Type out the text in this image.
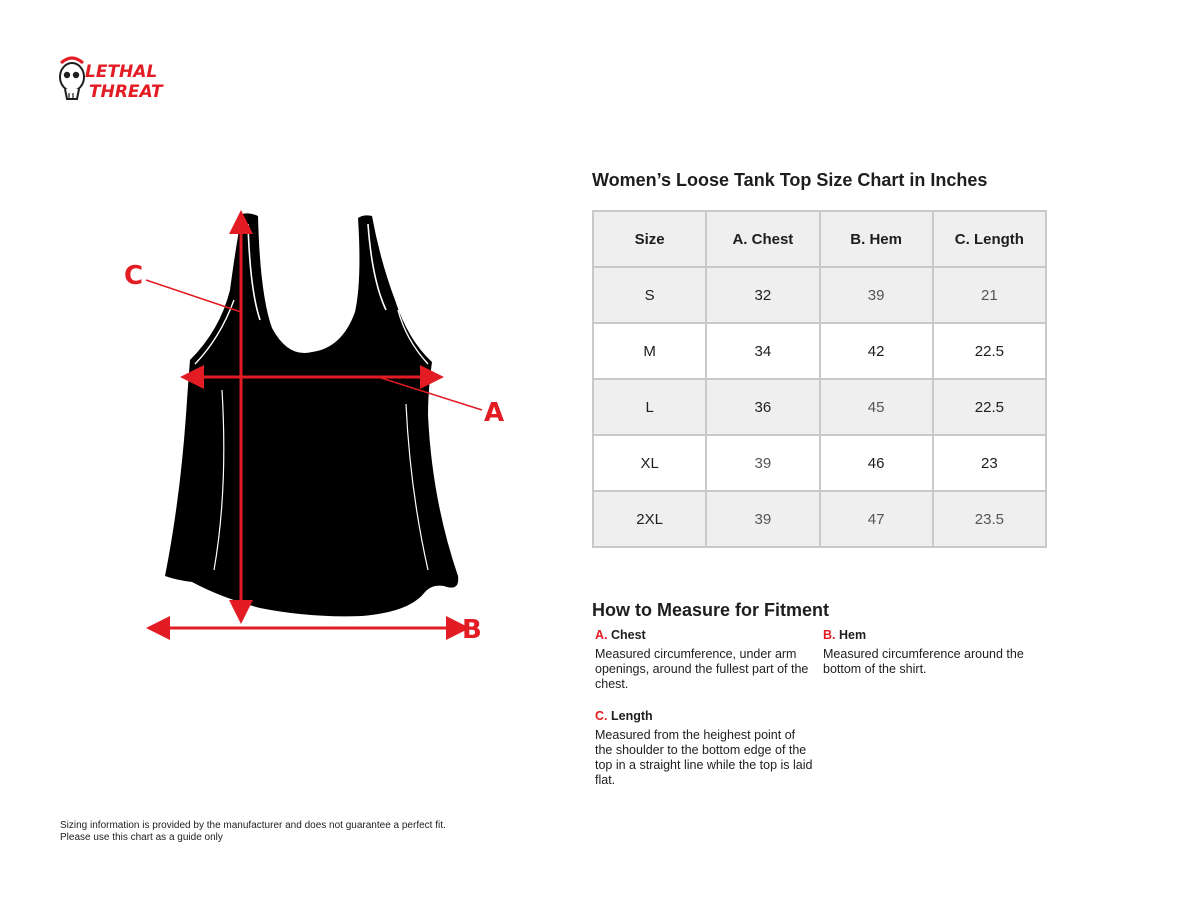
LETHAL
THREAT
C
A
B
Women’s Loose Tank Top Size Chart in Inches
Size	A. Chest	B. Hem	C. Length
S	32	39	21
M	34	42	22.5
L	36	45	22.5
XL	39	46	23
2XL	39	47	23.5
How to Measure for Fitment
A. Chest
Measured circumference, under arm openings, around the fullest part of the chest.
B. Hem
Measured circumference around the bottom of the shirt.
C. Length
Measured from the heighest point of the shoulder to the bottom edge of the top in a straight line while the top is laid flat.
Sizing information is provided by the manufacturer and does not guarantee a perfect fit.
Please use this chart as a guide only
